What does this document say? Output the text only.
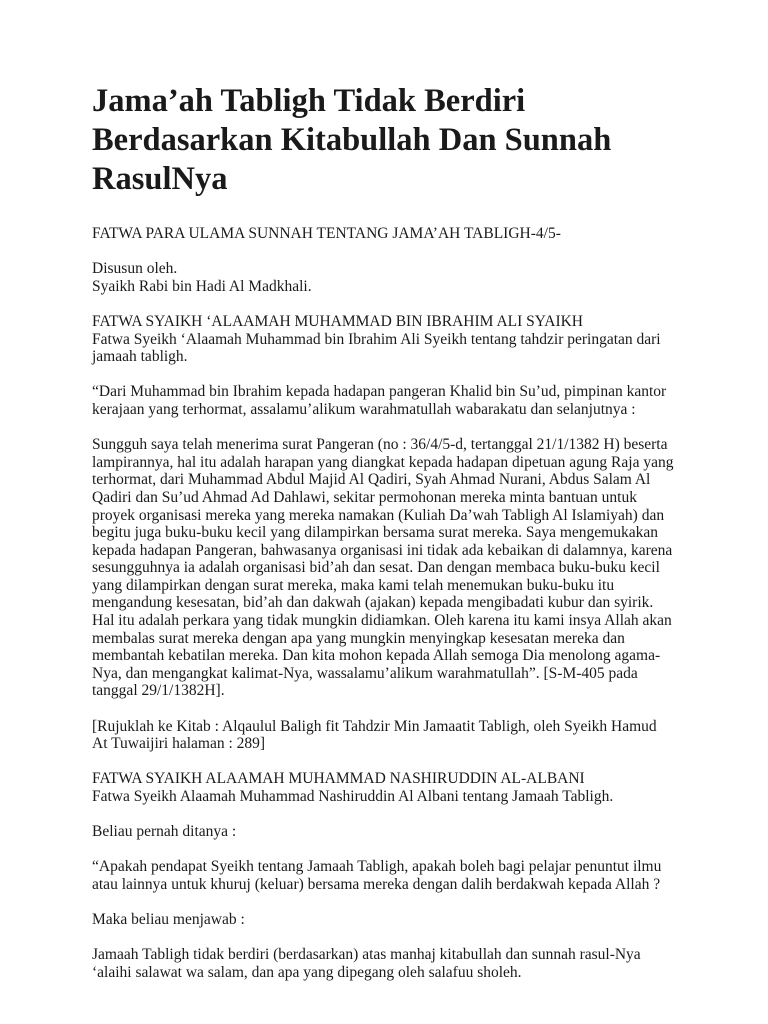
Jama’ah Tabligh Tidak Berdiri
Berdasarkan Kitabullah Dan Sunnah
RasulNya

FATWA PARA ULAMA SUNNAH TENTANG JAMA’AH TABLIGH-4/5-

Disusun oleh.
Syaikh Rabi bin Hadi Al Madkhali.

FATWA SYAIKH ‘ALAAMAH MUHAMMAD BIN IBRAHIM ALI SYAIKH
Fatwa Syeikh ‘Alaamah Muhammad bin Ibrahim Ali Syeikh tentang tahdzir peringatan dari
jamaah tabligh.

“Dari Muhammad bin Ibrahim kepada hadapan pangeran Khalid bin Su’ud, pimpinan kantor
kerajaan yang terhormat, assalamu’alikum warahmatullah wabarakatu dan selanjutnya :

Sungguh saya telah menerima surat Pangeran (no : 36/4/5-d, tertanggal 21/1/1382 H) beserta
lampirannya, hal itu adalah harapan yang diangkat kepada hadapan dipetuan agung Raja yang
terhormat, dari Muhammad Abdul Majid Al Qadiri, Syah Ahmad Nurani, Abdus Salam Al
Qadiri dan Su’ud Ahmad Ad Dahlawi, sekitar permohonan mereka minta bantuan untuk
proyek organisasi mereka yang mereka namakan (Kuliah Da’wah Tabligh Al Islamiyah) dan
begitu juga buku-buku kecil yang dilampirkan bersama surat mereka. Saya mengemukakan
kepada hadapan Pangeran, bahwasanya organisasi ini tidak ada kebaikan di dalamnya, karena
sesungguhnya ia adalah organisasi bid’ah dan sesat. Dan dengan membaca buku-buku kecil
yang dilampirkan dengan surat mereka, maka kami telah menemukan buku-buku itu
mengandung kesesatan, bid’ah dan dakwah (ajakan) kepada mengibadati kubur dan syirik.
Hal itu adalah perkara yang tidak mungkin didiamkan. Oleh karena itu kami insya Allah akan
membalas surat mereka dengan apa yang mungkin menyingkap kesesatan mereka dan
membantah kebatilan mereka. Dan kita mohon kepada Allah semoga Dia menolong agama-
Nya, dan mengangkat kalimat-Nya, wassalamu’alikum warahmatullah”. [S-M-405 pada
tanggal 29/1/1382H].

[Rujuklah ke Kitab : Alqaulul Baligh fit Tahdzir Min Jamaatit Tabligh, oleh Syeikh Hamud
At Tuwaijiri halaman : 289]

FATWA SYAIKH ALAAMAH MUHAMMAD NASHIRUDDIN AL-ALBANI
Fatwa Syeikh Alaamah Muhammad Nashiruddin Al Albani tentang Jamaah Tabligh.

Beliau pernah ditanya :

“Apakah pendapat Syeikh tentang Jamaah Tabligh, apakah boleh bagi pelajar penuntut ilmu
atau lainnya untuk khuruj (keluar) bersama mereka dengan dalih berdakwah kepada Allah ?

Maka beliau menjawab :

Jamaah Tabligh tidak berdiri (berdasarkan) atas manhaj kitabullah dan sunnah rasul-Nya
‘alaihi salawat wa salam, dan apa yang dipegang oleh salafuu sholeh.
